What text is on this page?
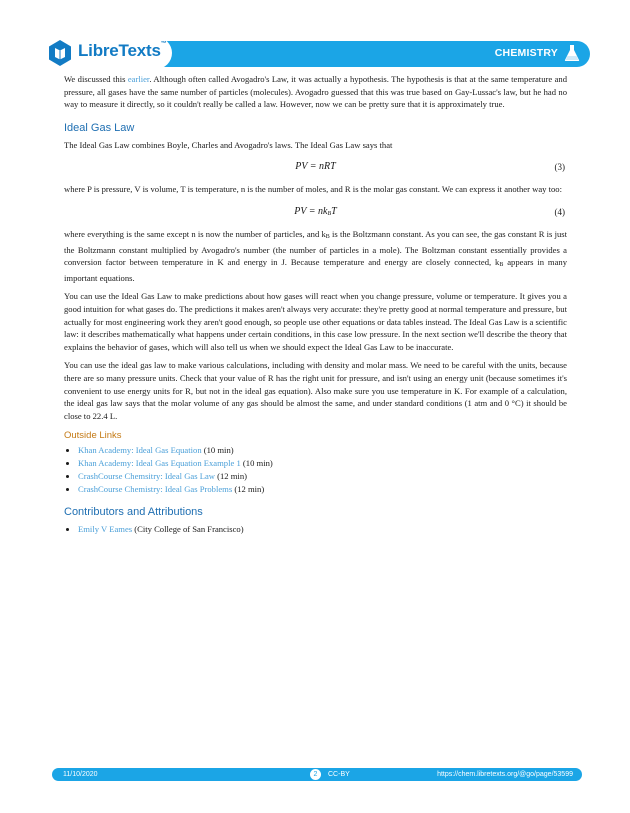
LibreTexts™
CHEMISTRY

We discussed this earlier. Although often called Avogadro's Law, it was actually a hypothesis. The hypothesis is that at the same temperature and pressure, all gases have the same number of particles (molecules). Avogadro guessed that this was true based on Gay-Lussac's law, but he had no way to measure it directly, so it couldn't really be called a law. However, now we can be pretty sure that it is approximately true.

Ideal Gas Law

The Ideal Gas Law combines Boyle, Charles and Avogadro's laws. The Ideal Gas Law says that

PV = nRT	(3)

where P is pressure, V is volume, T is temperature, n is the number of moles, and R is the molar gas constant. We can express it another way too:

PV = $nk_BT$	(4)

where everything is the same except n is now the number of particles, and $k_B$ is the Boltzmann constant. As you can see, the gas constant R is just the Boltzmann constant multiplied by Avogadro's number (the number of particles in a mole). The Boltzman constant essentially provides a conversion factor between temperature in K and energy in J. Because temperature and energy are closely connected, $k_B$ appears in many important equations.

You can use the Ideal Gas Law to make predictions about how gases will react when you change pressure, volume or temperature. It gives you a good intuition for what gases do. The predictions it makes aren't always very accurate: they're pretty good at normal temperature and pressure, but actually for most engineering work they aren't good enough, so people use other equations or data tables instead. The Ideal Gas Law is a scientific law: it describes mathematically what happens under certain conditions, in this case low pressure. In the next section we'll describe the theory that explains the behavior of gases, which will also tell us when we should expect the Ideal Gas Law to be inaccurate.

You can use the ideal gas law to make various calculations, including with density and molar mass. We need to be careful with the units, because there are so many pressure units. Check that your value of R has the right unit for pressure, and isn't using an energy unit (because sometimes it's convenient to use energy units for R, but not in the ideal gas equation). Also make sure you use temperature in K. For example of a calculation, the ideal gas law says that the molar volume of any gas should be almost the same, and under standard conditions (1 atm and 0 °C) it should be close to 22.4 L.

Outside Links
• Khan Academy: Ideal Gas Equation (10 min)
• Khan Academy: Ideal Gas Equation Example 1 (10 min)
• CrashCourse Chemsitry: Ideal Gas Law (12 min)
• CrashCourse Chemistry: Ideal Gas Problems (12 min)
Contributors and Attributions
• Emily V Eames (City College of San Francisco)
11/10/2020	2	CC-BY	https://chem.libretexts.org/@go/page/53599
